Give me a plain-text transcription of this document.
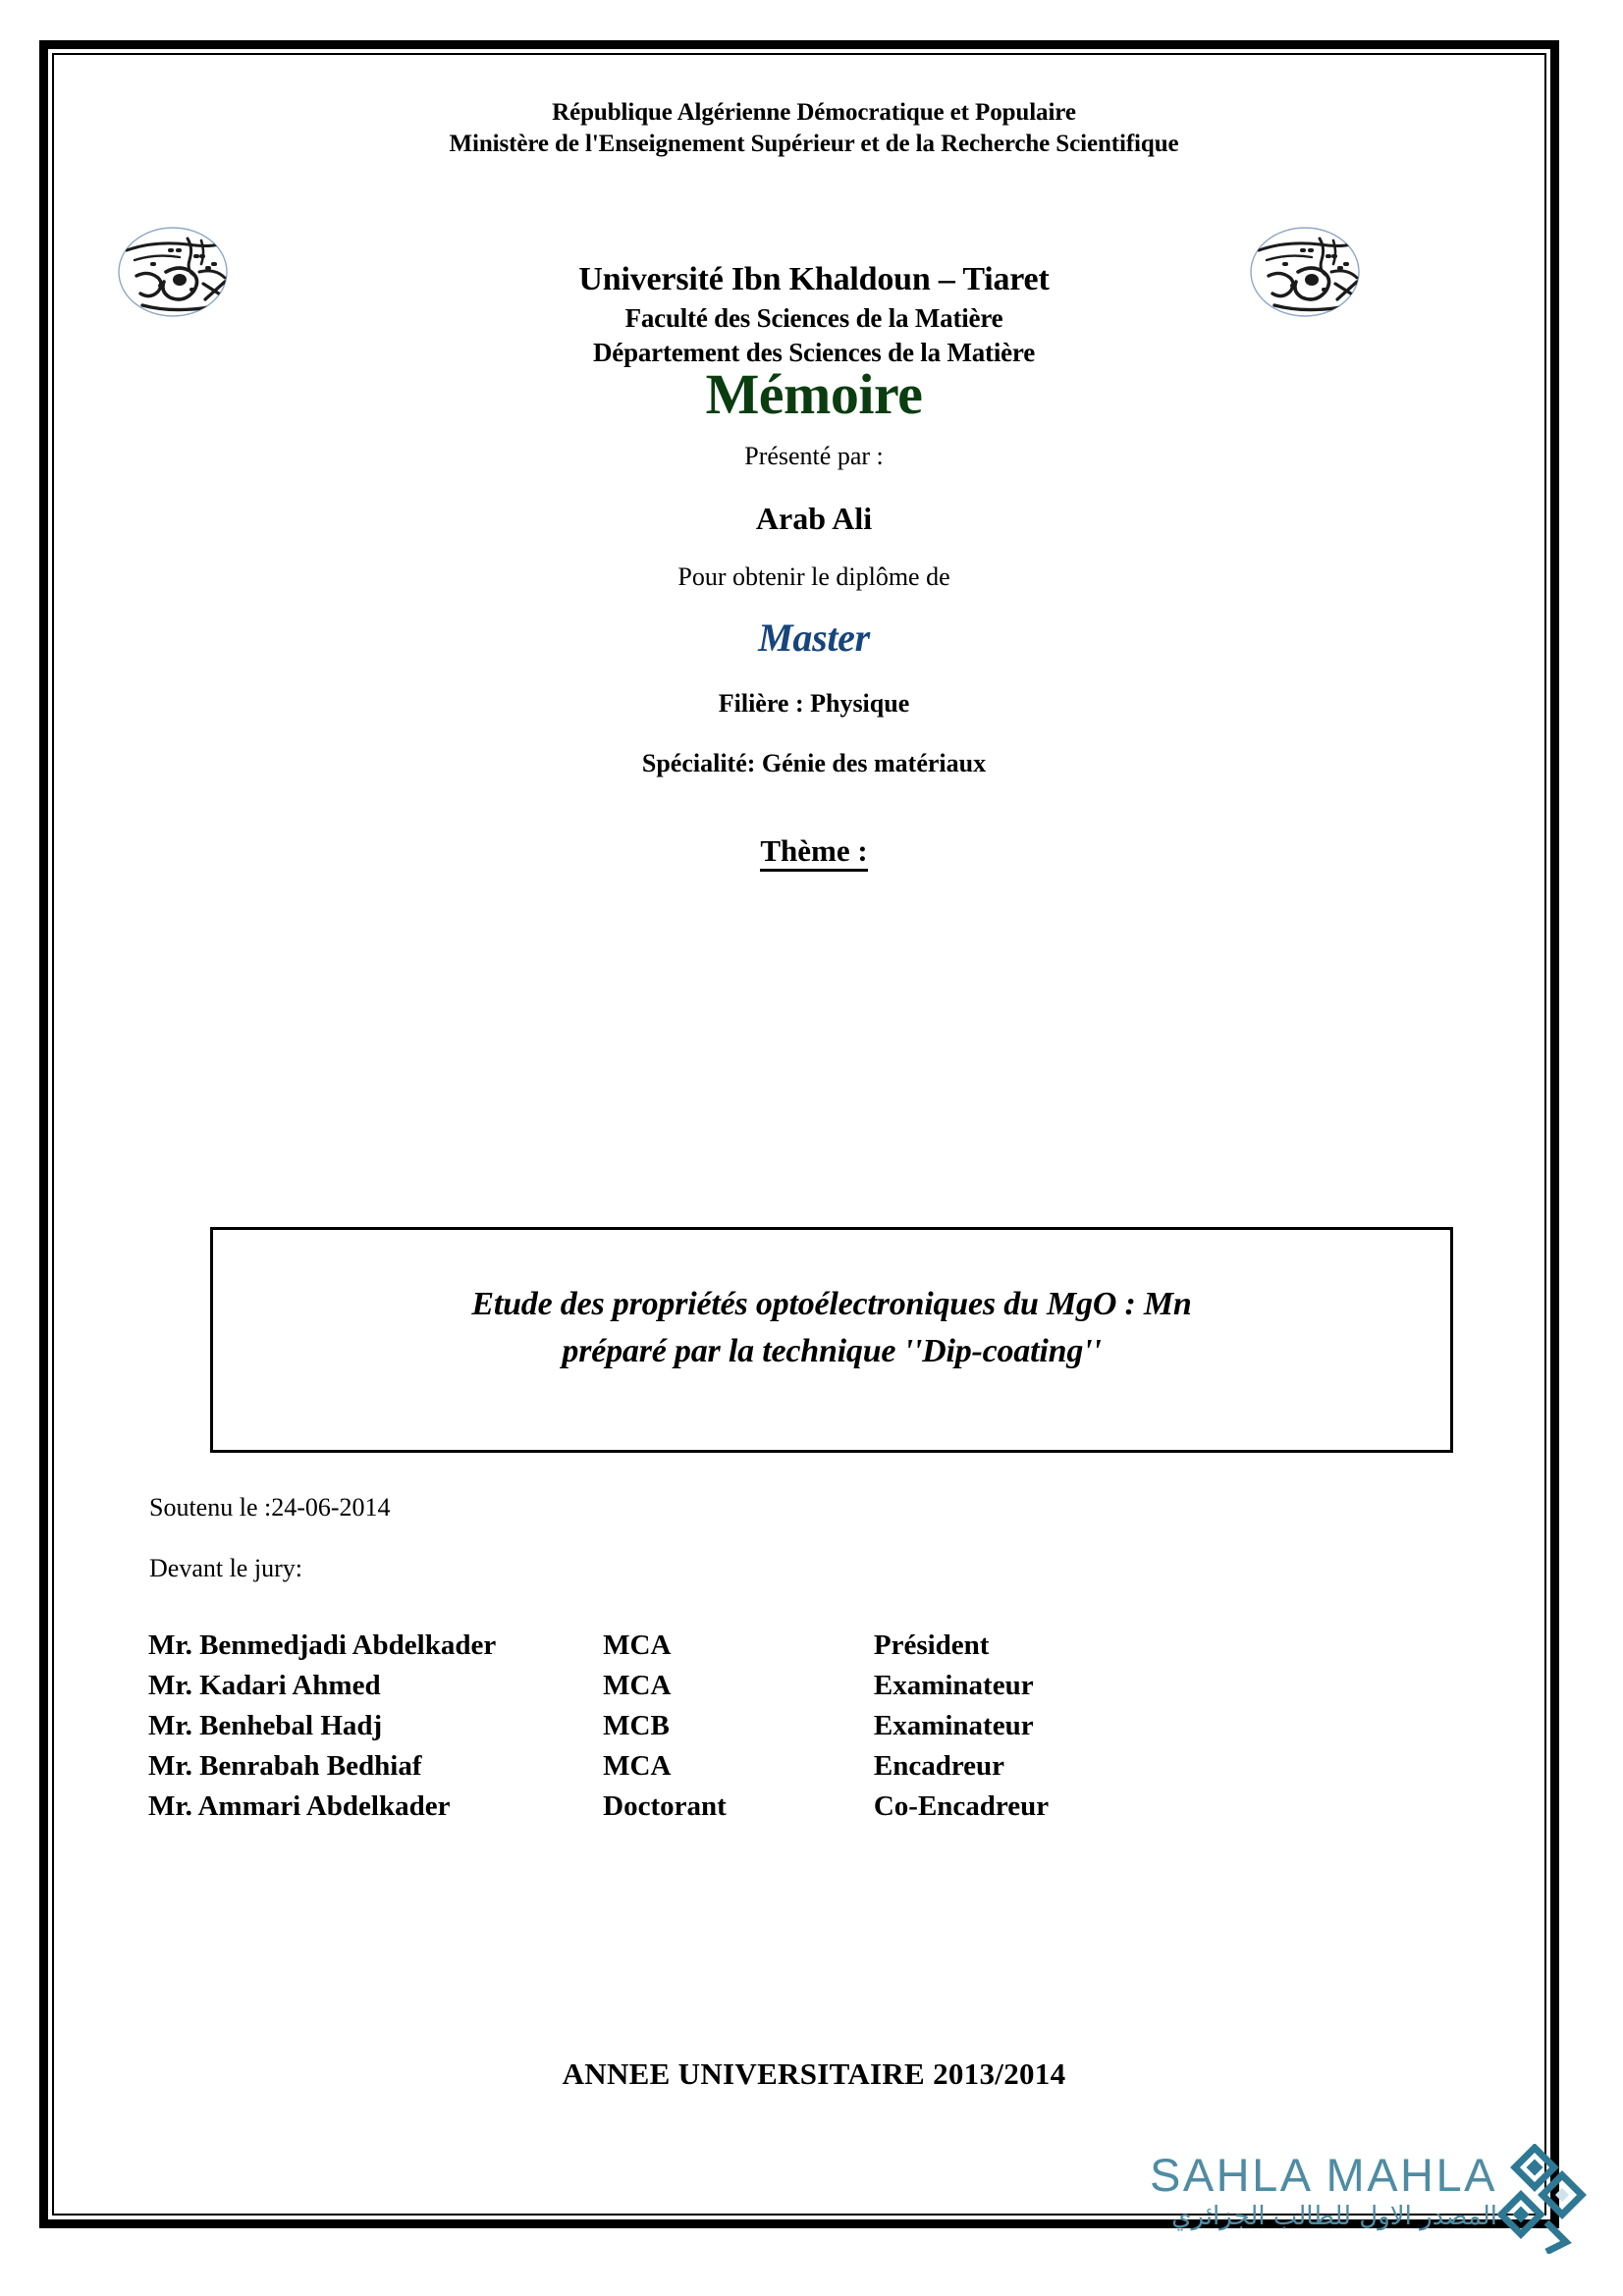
République Algérienne Démocratique et Populaire
Ministère de l'Enseignement Supérieur et de la Recherche Scientifique
Université Ibn Khaldoun – Tiaret
Faculté des Sciences de la Matière
Département des Sciences de la Matière
Mémoire
Présenté par :
Arab Ali
Pour obtenir le diplôme de
Master
Filière : Physique
Spécialité: Génie des matériaux
Thème :
Etude des propriétés optoélectroniques du MgO : Mn
préparé par la technique ''Dip-coating''
Soutenu le :24-06-2014
Devant le jury:
Mr. Benmedjadi Abdelkader	MCA	Président
Mr. Kadari Ahmed	MCA	Examinateur
Mr. Benhebal Hadj	MCB	Examinateur
Mr. Benrabah Bedhiaf	MCA	Encadreur
Mr. Ammari Abdelkader	Doctorant	Co-Encadreur
ANNEE UNIVERSITAIRE 2013/2014
SAHLA MAHLA
المصدر الاول للطالب الجزائري
